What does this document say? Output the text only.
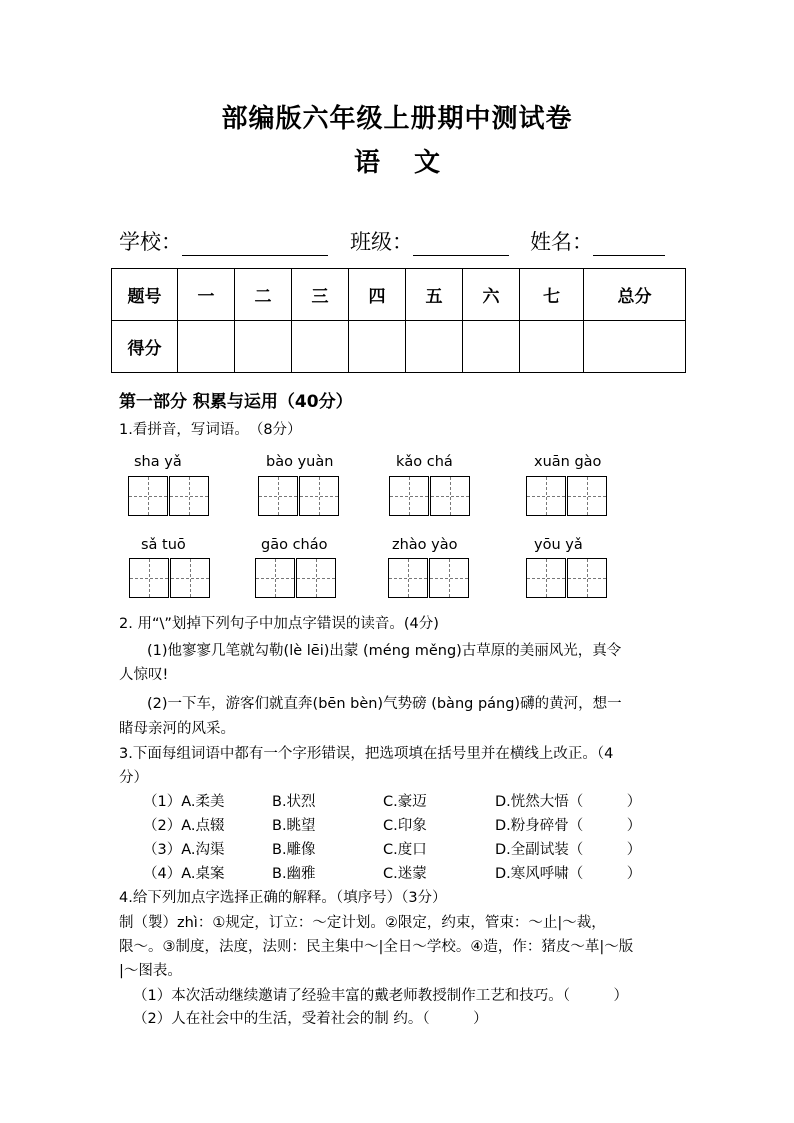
部编版六年级上册期中测试卷
语文
学校：	班级：	姓名：
题号	一	二	三	四	五	六	七	总分
得分								
第一部分 积累与运用（40分）
1.看拼音，写词语。　（8分）
sha yǎ	bào yuàn	kǎo chá	xuān gào
sǎ tuō	gāo cháo	zhào yào	yōu yǎ
2. 用“\”划掉下列句子中加点字错误的读音。(4分)
(1)他寥寥几笔就勾勒(lè lēi)出蒙 (méng měng)古草原的美丽风光，真令
人惊叹!
(2)一下车，游客们就直奔(bēn bèn)气势磅 (bàng páng)礴的黄河，想一
睹母亲河的风采。
3.下面每组词语中都有一个字形错误，把选项填在括号里并在横线上改正。（4
分）
（1）A.柔美	B.状烈	C.豪迈	D.恍然大悟（　　　）
（2）A.点辍	B.眺望	C.印象	D.粉身碎骨（　　　）
（3）A.沟渠	B.雕像	C.度口	D.全副试装（　　　）
（4）A.桌案	B.幽雅	C.迷蒙	D.寒风呼啸（　　　）
4.给下列加点字选择正确的解释。（填序号）（3分）
制（製）zhì：①规定，订立：～定计划。②限定，约束，管束：～止|～裁，
限～。③制度，法度，法则：民主集中～|全日～学校。④造，作：猪皮～革|～版
|～图表。
（1）本次活动继续邀请了经验丰富的戴老师教授制作工艺和技巧。（　　　）
（2）人在社会中的生活，受着社会的制 约。（　　　）
